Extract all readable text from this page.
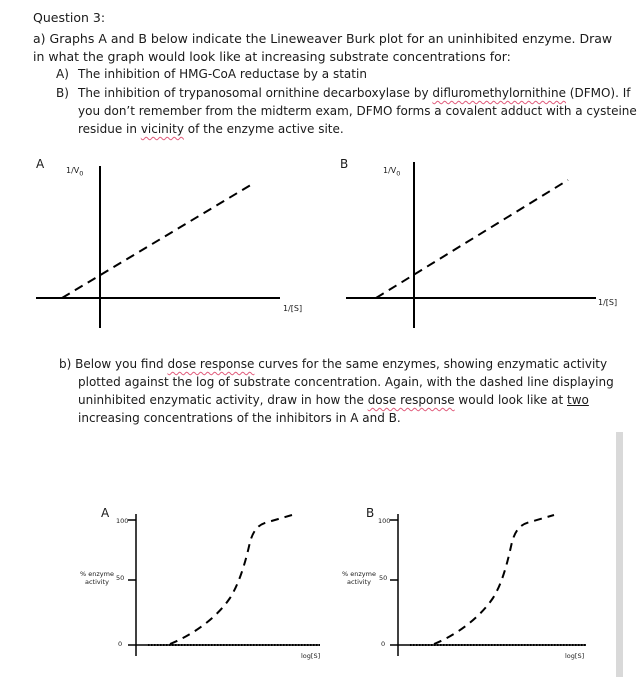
Question 3:
a) Graphs A and B below indicate the Lineweaver Burk plot for an uninhibited enzyme. Draw
in what the graph would look like at increasing substrate concentrations for:
A) The inhibition of HMG-CoA reductase by a statin
B) The inhibition of trypanosomal ornithine decarboxylase by difluromethylornithine (DFMO). If
you don’t remember from the midterm exam, DFMO forms a covalent adduct with a cysteine
residue in vicinity of the enzyme active site.
A	$1/V_0$
1/[S]
B	$1/V_0$
1/[S]
b) Below you find dose response curves for the same enzymes, showing enzymatic activity
plotted against the log of substrate concentration. Again, with the dashed line displaying
uninhibited enzymatic activity, draw in how the dose response would look like at two
increasing concentrations of the inhibitors in A and B.
A
100
50
0
% enzyme
activity
log[S]
B
100
50
0
% enzyme
activity
log[S]
